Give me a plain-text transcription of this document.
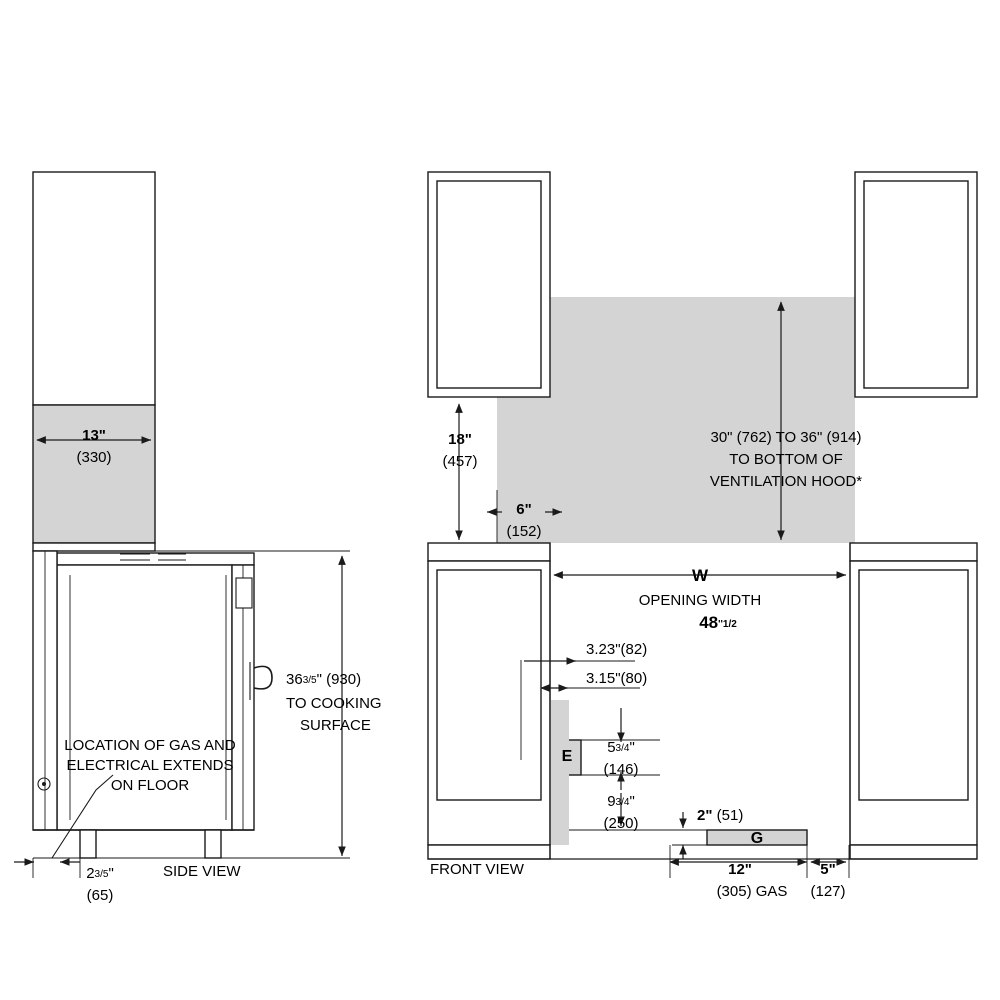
13"
(330)
363/5" (930)
TO COOKING
SURFACE
LOCATION OF GAS AND
ELECTRICAL EXTENDS
ON FLOOR
23/5"
(65)
SIDE VIEW
18"
(457)
6"
(152)
30" (762) TO 36" (914)
TO BOTTOM OF
VENTILATION HOOD*
W
OPENING WIDTH
48''1/2
3.23"(82)
3.15"(80)
E
53/4"
(146)
93/4"
(250)
G
2" (51)
12"
(305) GAS
5"
(127)
FRONT VIEW
